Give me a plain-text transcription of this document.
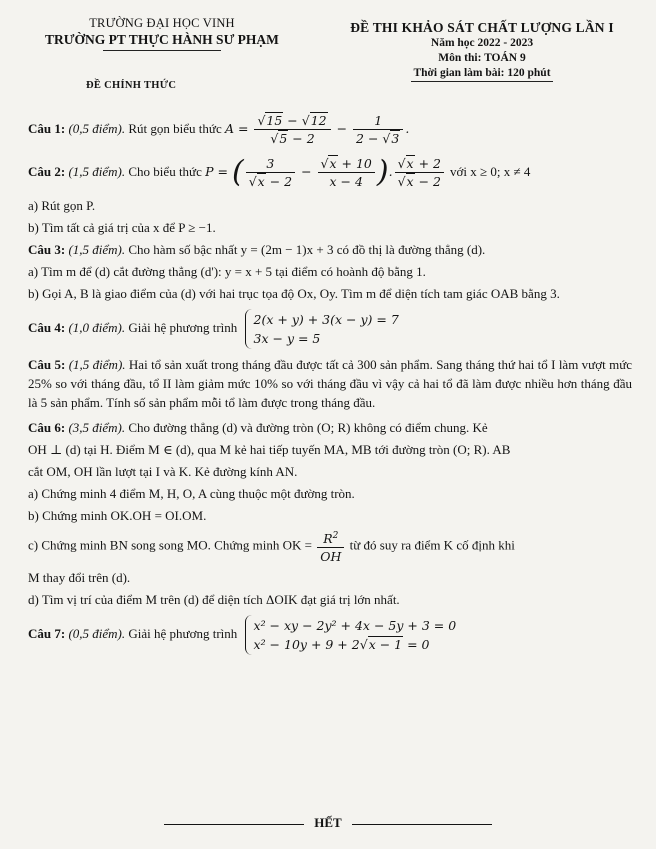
TRƯỜNG ĐẠI HỌC VINH
TRƯỜNG PT THỰC HÀNH SƯ PHẠM
ĐỀ CHÍNH THỨC
ĐỀ THI KHẢO SÁT CHẤT LƯỢNG LẦN I
Năm học 2022 - 2023
Môn thi: TOÁN 9
Thời gian làm bài: 120 phút
Câu 1: (0,5 điểm). Rút gọn biểu thức $A = \frac{√15 - √12}{√5 - 2} - \frac{1}{2 - √3}$ .
Câu 2: (1,5 điểm). Cho biểu thức P = ( $\frac{3}{√x - 2} - \frac{√x + 10}{x - 4}$ ). $\frac{√x + 2}{√x - 2}$ với x ≥ 0; x ≠ 4
a) Rút gọn P.
b) Tìm tất cả giá trị của x để P ≥ −1.
Câu 3: (1,5 điểm). Cho hàm số bậc nhất y = (2m − 1)x + 3 có đồ thị là đường thẳng (d).
a) Tìm m để (d) cắt đường thẳng (d'): y = x + 5 tại điểm có hoành độ bằng 1.
b) Gọi A, B là giao điểm của (d) với hai trục tọa độ Ox, Oy. Tìm m để diện tích tam giác OAB bằng 3.
Câu 4: (1,0 điểm). Giải hệ phương trình
2(x + y) + 3(x − y) = 7
3x − y = 5
Câu 5: (1,5 điểm). Hai tổ sản xuất trong tháng đầu được tất cả 300 sản phẩm. Sang tháng thứ hai tổ I làm vượt mức 25% so với tháng đầu, tổ II làm giảm mức 10% so với tháng đầu vì vậy cả hai tổ đã làm được nhiều hơn tháng đầu là 5 sản phẩm. Tính số sản phẩm mỗi tổ làm được trong tháng đầu.
Câu 6: (3,5 điểm). Cho đường thẳng (d) và đường tròn (O; R) không có điểm chung. Kẻ
OH ⊥ (d) tại H. Điểm M ∈ (d), qua M kẻ hai tiếp tuyến MA, MB tới đường tròn (O; R). AB
cắt OM, OH lần lượt tại I và K. Kẻ đường kính AN.
a) Chứng minh 4 điểm M, H, O, A cùng thuộc một đường tròn.
b) Chứng minh OK.OH = OI.OM.
c) Chứng minh BN song song MO. Chứng minh OK = $\frac{R^2}{OH}$ từ đó suy ra điểm K cố định khi
M thay đổi trên (d).
d) Tìm vị trí của điểm M trên (d) để diện tích ΔOIK đạt giá trị lớn nhất.
Câu 7: (0,5 điểm). Giải hệ phương trình
x² − xy − 2y² + 4x − 5y + 3 = 0
x² − 10y + 9 + 2√x − 1 = 0
HẾT
